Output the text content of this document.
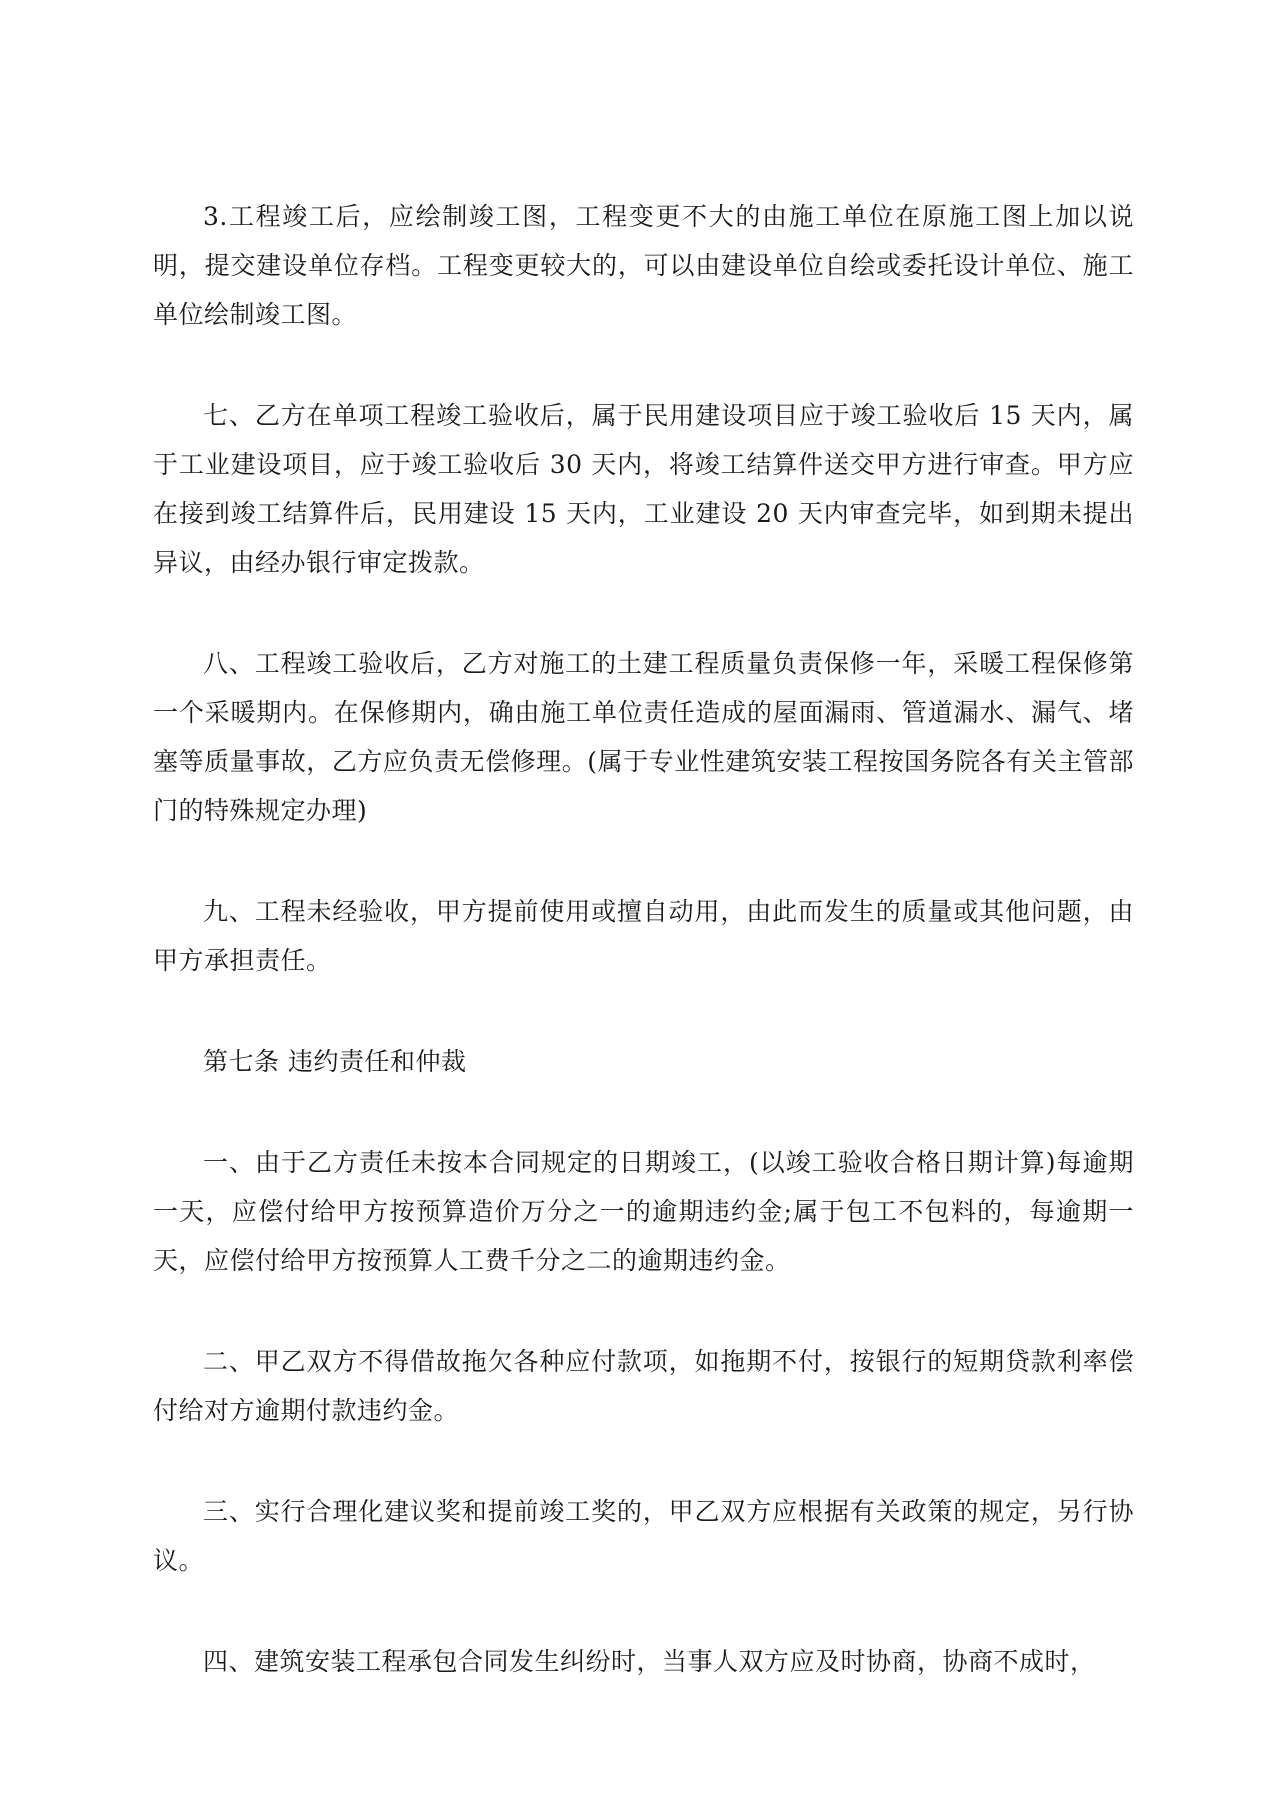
3.工程竣工后，应绘制竣工图，工程变更不大的由施工单位在原施工图上加以说明，提交建设单位存档。工程变更较大的，可以由建设单位自绘或委托设计单位、施工单位绘制竣工图。

七、乙方在单项工程竣工验收后，属于民用建设项目应于竣工验收后 15 天内，属于工业建设项目，应于竣工验收后 30 天内，将竣工结算件送交甲方进行审查。甲方应在接到竣工结算件后，民用建设 15 天内，工业建设 20 天内审查完毕，如到期未提出异议，由经办银行审定拨款。

八、工程竣工验收后，乙方对施工的土建工程质量负责保修一年，采暖工程保修第一个采暖期内。在保修期内，确由施工单位责任造成的屋面漏雨、管道漏水、漏气、堵塞等质量事故，乙方应负责无偿修理。(属于专业性建筑安装工程按国务院各有关主管部门的特殊规定办理)

九、工程未经验收，甲方提前使用或擅自动用，由此而发生的质量或其他问题，由甲方承担责任。

第七条 违约责任和仲裁

一、由于乙方责任未按本合同规定的日期竣工，(以竣工验收合格日期计算)每逾期一天，应偿付给甲方按预算造价万分之一的逾期违约金;属于包工不包料的，每逾期一天，应偿付给甲方按预算人工费千分之二的逾期违约金。

二、甲乙双方不得借故拖欠各种应付款项，如拖期不付，按银行的短期贷款利率偿付给对方逾期付款违约金。

三、实行合理化建议奖和提前竣工奖的，甲乙双方应根据有关政策的规定，另行协议。

四、建筑安装工程承包合同发生纠纷时，当事人双方应及时协商，协商不成时，
